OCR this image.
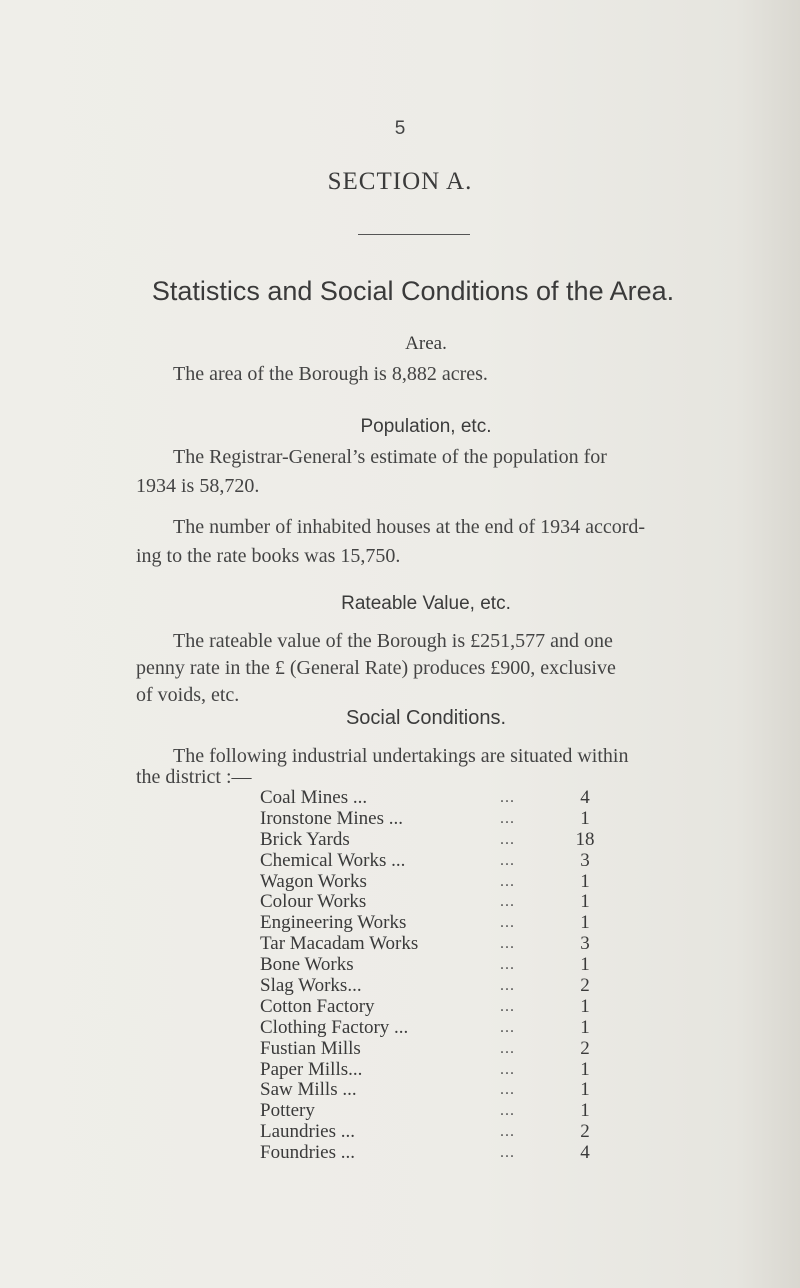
5
SECTION A.
Statistics and Social Conditions of the Area.
Area.
The area of the Borough is 8,882 acres.
Population, etc.
The Registrar-General’s estimate of the population for
1934 is 58,720.
The number of inhabited houses at the end of 1934 accord-
ing to the rate books was 15,750.
Rateable Value, etc.
The rateable value of the Borough is £251,577 and one
penny rate in the £ (General Rate) produces £900, exclusive
of voids, etc.
Social Conditions.
The following industrial undertakings are situated within
the district :—
Coal Mines ...	...	4
Ironstone Mines ...	...	1
Brick Yards	...	18
Chemical Works ...	...	3
Wagon Works	...	1
Colour Works	...	1
Engineering Works	...	1
Tar Macadam Works	...	3
Bone Works	...	1
Slag Works...	...	2
Cotton Factory	...	1
Clothing Factory ...	...	1
Fustian Mills	...	2
Paper Mills...	...	1
Saw Mills ...	...	1
Pottery	...	1
Laundries ...	...	2
Foundries ...	...	4
